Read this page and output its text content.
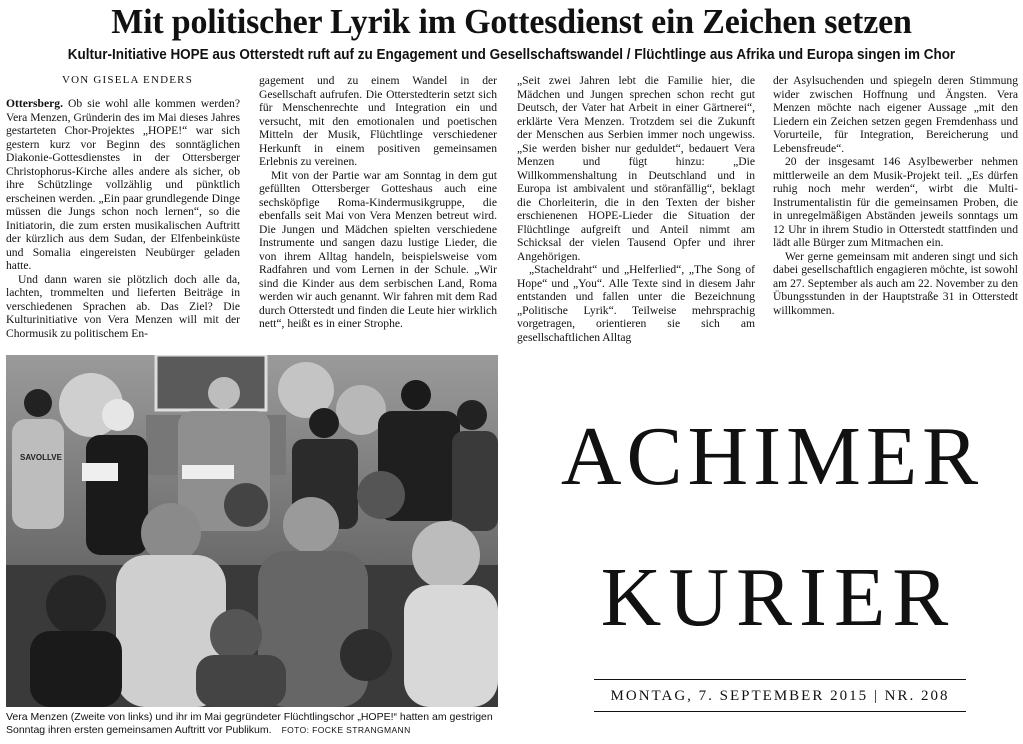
Mit politischer Lyrik im Gottesdienst ein Zeichen setzen
Kultur-Initiative HOPE aus Otterstedt ruft auf zu Engagement und Gesellschaftswandel / Flüchtlinge aus Afrika und Europa singen im Chor
VON GISELA ENDERS

Ottersberg. Ob sie wohl alle kommen werden? Vera Menzen, Gründerin des im Mai dieses Jahres gestarteten Chor-Projektes „HOPE!“ war sich gestern kurz vor Beginn des sonntäglichen Diakonie-Gottesdienstes in der Ottersberger Christophorus-Kirche alles andere als sicher, ob ihre Schützlinge vollzählig und pünktlich erscheinen werden. „Ein paar grundlegende Dinge müssen die Jungs schon noch lernen“, so die Initiatorin, die zum ersten musikalischen Auftritt der kürzlich aus dem Sudan, der Elfenbeinküste und Somalia eingereisten Neubürger geladen hatte.

Und dann waren sie plötzlich doch alle da, lachten, trommelten und lieferten Beiträge in verschiedenen Sprachen ab. Das Ziel? Die Kulturinitiative von Vera Menzen will mit der Chormusik zu politischem En-

gagement und zu einem Wandel in der Gesellschaft aufrufen. Die Otterstedterin setzt sich für Menschenrechte und Integration ein und versucht, mit den emotionalen und poetischen Mitteln der Musik, Flüchtlinge verschiedener Herkunft in einem positiven gemeinsamen Erlebnis zu vereinen.

Mit von der Partie war am Sonntag in dem gut gefüllten Ottersberger Gotteshaus auch eine sechsköpfige Roma-Kindermusikgruppe, die ebenfalls seit Mai von Vera Menzen betreut wird. Die Jungen und Mädchen spielten verschiedene Instrumente und sangen dazu lustige Lieder, die von ihrem Alltag handeln, beispielsweise vom Radfahren und vom Lernen in der Schule. „Wir sind die Kinder aus dem serbischen Land, Roma werden wir auch genannt. Wir fahren mit dem Rad durch Otterstedt und finden die Leute hier wirklich nett“, heißt es in einer Strophe.

„Seit zwei Jahren lebt die Familie hier, die Mädchen und Jungen sprechen schon recht gut Deutsch, der Vater hat Arbeit in einer Gärtnerei“, erklärte Vera Menzen. Trotzdem sei die Zukunft der Menschen aus Serbien immer noch ungewiss. „Sie werden bisher nur geduldet“, bedauert Vera Menzen und fügt hinzu: „Die Willkommenshaltung in Deutschland und in Europa ist ambivalent und störanfällig“, beklagt die Chorleiterin, die in den Texten der bisher erschienenen HOPE-Lieder die Situation der Flüchtlinge aufgreift und Anteil nimmt am Schicksal der vielen Tausend Opfer und ihrer Angehörigen.

„Stacheldraht“ und „Helferlied“, „The Song of Hope“ und „You“. Alle Texte sind in diesem Jahr entstanden und fallen unter die Bezeichnung „Politische Lyrik“. Teilweise mehrsprachig vorgetragen, orientieren sie sich am gesellschaftlichen Alltag

der Asylsuchenden und spiegeln deren Stimmung wider zwischen Hoffnung und Ängsten. Vera Menzen möchte nach eigener Aussage „mit den Liedern ein Zeichen setzen gegen Fremdenhass und Vorurteile, für Integration, Bereicherung und Lebensfreude“.

20 der insgesamt 146 Asylbewerber nehmen mittlerweile an dem Musik-Projekt teil. „Es dürfen ruhig noch mehr werden“, wirbt die Multi-Instrumentalistin für die gemeinsamen Proben, die in unregelmäßigen Abständen jeweils sonntags um 12 Uhr in ihrem Studio in Otterstedt stattfinden und lädt alle Bürger zum Mitmachen ein.

Wer gerne gemeinsam mit anderen singt und sich dabei gesellschaftlich engagieren möchte, ist sowohl am 27. September als auch am 22. November zu den Übungsstunden in der Hauptstraße 31 in Otterstedt willkommen.

SAVOLLVE
Vera Menzen (Zweite von links) und ihr im Mai gegründeter Flüchtlingschor „HOPE!“ hatten am gestrigen Sonntag ihren ersten gemeinsamen Auftritt vor Publikum. FOTO: FOCKE STRANGMANN
ACHIMER
KURIER
MONTAG, 7. SEPTEMBER 2015 | NR. 208
